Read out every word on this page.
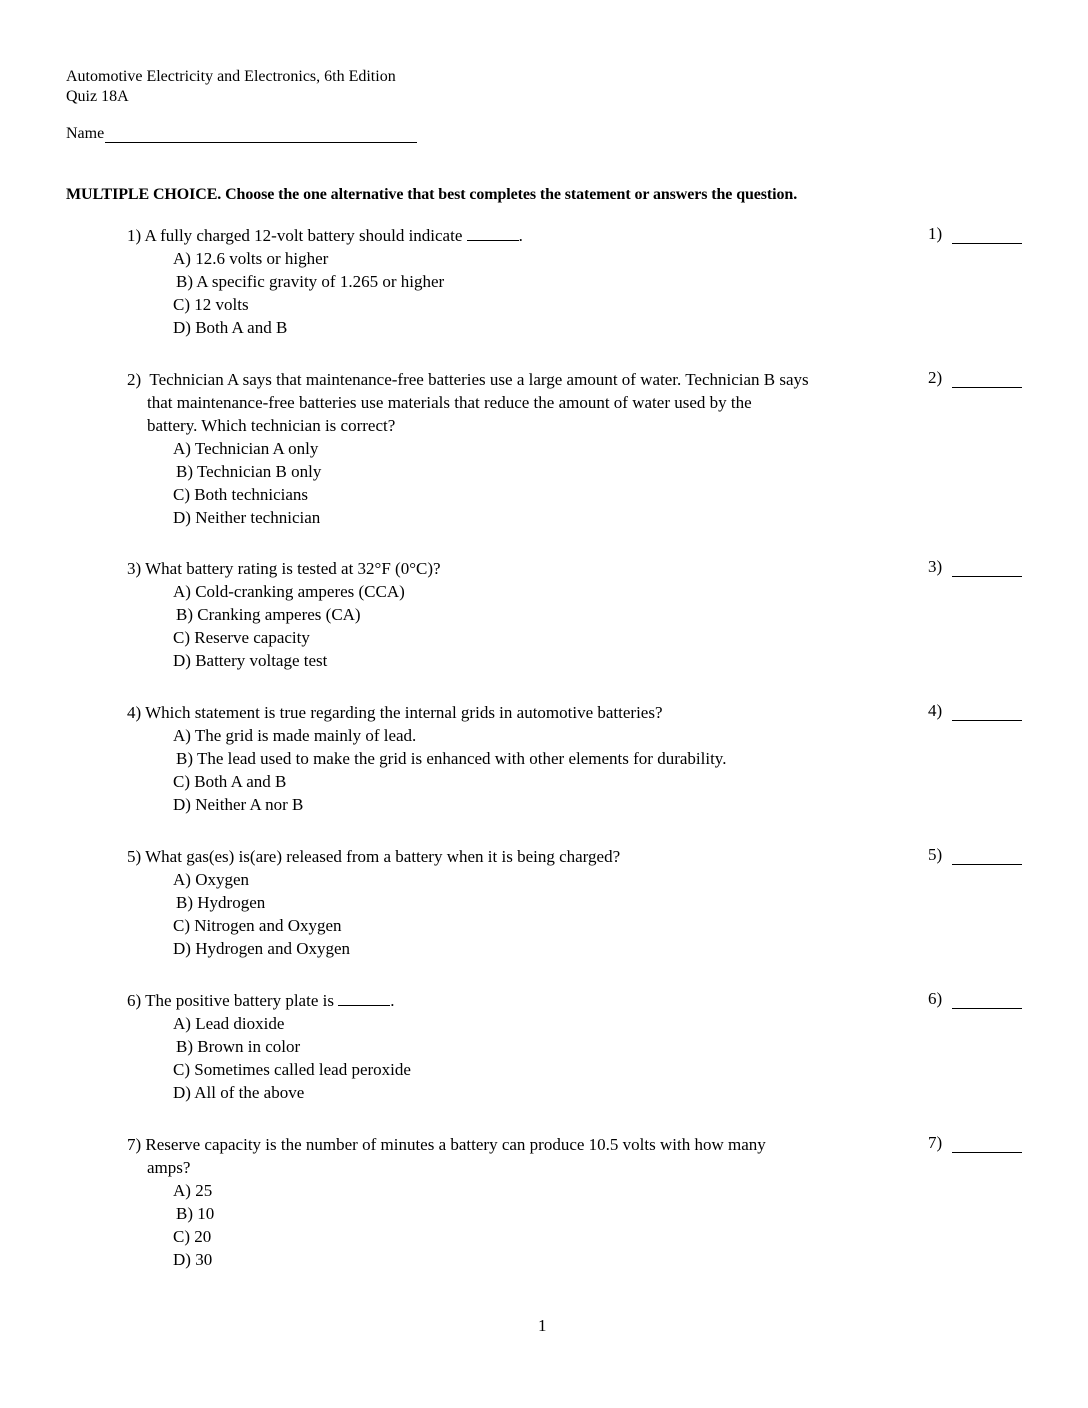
Automotive Electricity and Electronics, 6th Edition
Quiz 18A
Name
MULTIPLE CHOICE. Choose the one alternative that best completes the statement or answers the question.

1) A fully charged 12-volt battery should indicate	.

A) 12.6 volts or higher
B) A specific gravity of 1.265 or higher
C) 12 volts
D) Both A and B
1)

2) Technician A says that maintenance-free batteries use a large amount of water. Technician B says
that maintenance-free batteries use materials that reduce the amount of water used by the
battery. Which technician is correct?

A) Technician A only
B) Technician B only
C) Both technicians
D) Neither technician
2)

3) What battery rating is tested at 32°F (0°C)?

A) Cold-cranking amperes (CCA)
B) Cranking amperes (CA)
C) Reserve capacity
D) Battery voltage test
3)

4) Which statement is true regarding the internal grids in automotive batteries?

A) The grid is made mainly of lead.
B) The lead used to make the grid is enhanced with other elements for durability.
C) Both A and B
D) Neither A nor B
4)

5) What gas(es) is(are) released from a battery when it is being charged?

A) Oxygen
B) Hydrogen
C) Nitrogen and Oxygen
D) Hydrogen and Oxygen
5)

6) The positive battery plate is	.

A) Lead dioxide
B) Brown in color
C) Sometimes called lead peroxide
D) All of the above
6)

7) Reserve capacity is the number of minutes a battery can produce 10.5 volts with how many
amps?

A) 25
B) 10
C) 20
D) 30
7)
1
